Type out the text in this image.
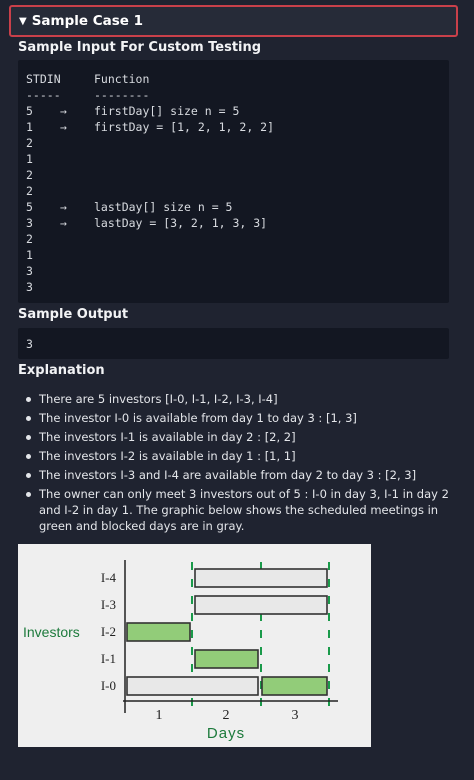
▼ Sample Case 1
Sample Input For Custom Testing
STDIN	Function
-----	--------
5 → firstDay[] size n = 5
1 → firstDay = [1, 2, 1, 2, 2]
2
1
2
2
5 → lastDay[] size n = 5
3 → lastDay = [3, 2, 1, 3, 3]
2
1
3
3
Sample Output
3
Explanation
There are 5 investors [I-0, I-1, I-2, I-3, I-4]
The investor I-0 is available from day 1 to day 3 : [1, 3]
The investors I-1 is available in day 2 : [2, 2]
The investors I-2 is available in day 1 : [1, 1]
The investors I-3 and I-4 are available from day 2 to day 3 : [2, 3]
The owner can only meet 3 investors out of 5 : I-0 in day 3, I-1 in day 2 and I-2 in day 1. The graphic below shows the scheduled meetings in green and blocked days are in gray.
I-4
I-3
I-2
I-1
I-0
1	2	3
Investors
Days
